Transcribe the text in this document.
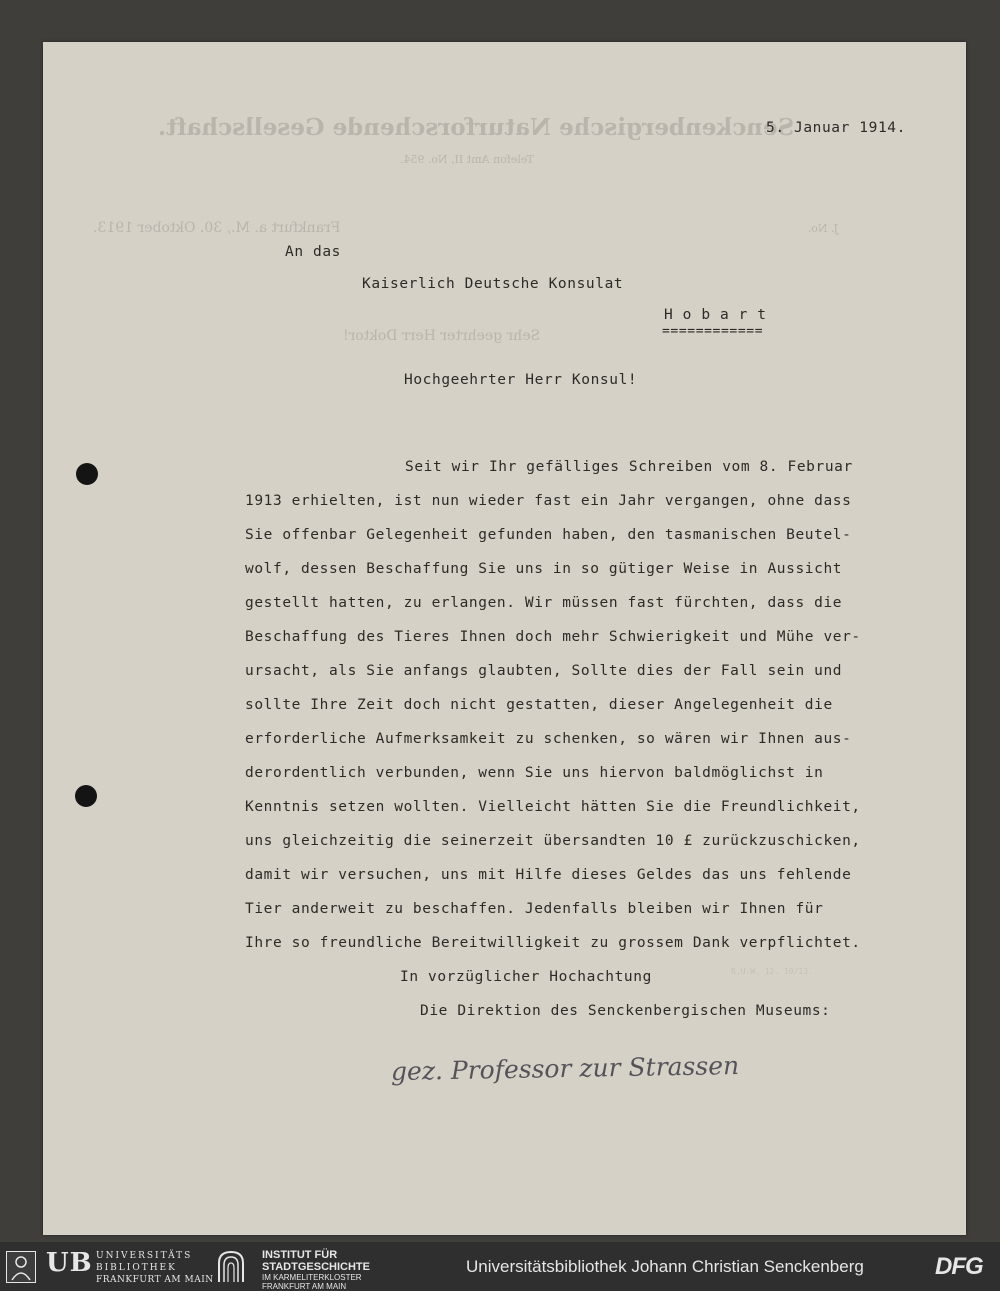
Senckenbergische Naturforschende Gesellschaft.
Telefon Amt II, No. 954.
Frankfurt a. M., 30. Oktober 1913.	J. No.
Sehr geehrter Herr Doktor!
5. Januar 1914.
An das
Kaiserlich Deutsche Konsulat
H o b a r t
============
Hochgeehrter Herr Konsul!
Seit wir Ihr gefälliges Schreiben vom 8. Februar
1913 erhielten, ist nun wieder fast ein Jahr vergangen, ohne dass
Sie offenbar Gelegenheit gefunden haben, den tasmanischen Beutel-
wolf, dessen Beschaffung Sie uns in so gütiger Weise in Aussicht
gestellt hatten, zu erlangen. Wir müssen fast fürchten, dass die
Beschaffung des Tieres Ihnen doch mehr Schwierigkeit und Mühe ver-
ursacht, als Sie anfangs glaubten, Sollte dies der Fall sein und
sollte Ihre Zeit doch nicht gestatten, dieser Angelegenheit die
erforderliche Aufmerksamkeit zu schenken, so wären wir Ihnen aus-
derordentlich verbunden, wenn Sie uns hiervon baldmöglichst in
Kenntnis setzen wollten. Vielleicht hätten Sie die Freundlichkeit,
uns gleichzeitig die seinerzeit übersandten 10 £ zurückzuschicken,
damit wir versuchen, uns mit Hilfe dieses Geldes das uns fehlende
Tier anderweit zu beschaffen. Jedenfalls bleiben wir Ihnen für
Ihre so freundliche Bereitwilligkeit zu grossem Dank verpflichtet.
In vorzüglicher Hochachtung
Die Direktion des Senckenbergischen Museums:
gez. Professor zur Strassen
R.U.W. 12. 10/13.
UB UNIVERSITÄTS
BIBLIOTHEK
FRANKFURT AM MAIN
INSTITUT FÜR
STADTGESCHICHTE
IM KARMELITERKLOSTER
FRANKFURT AM MAIN
Universitätsbibliothek Johann Christian Senckenberg	DFG
